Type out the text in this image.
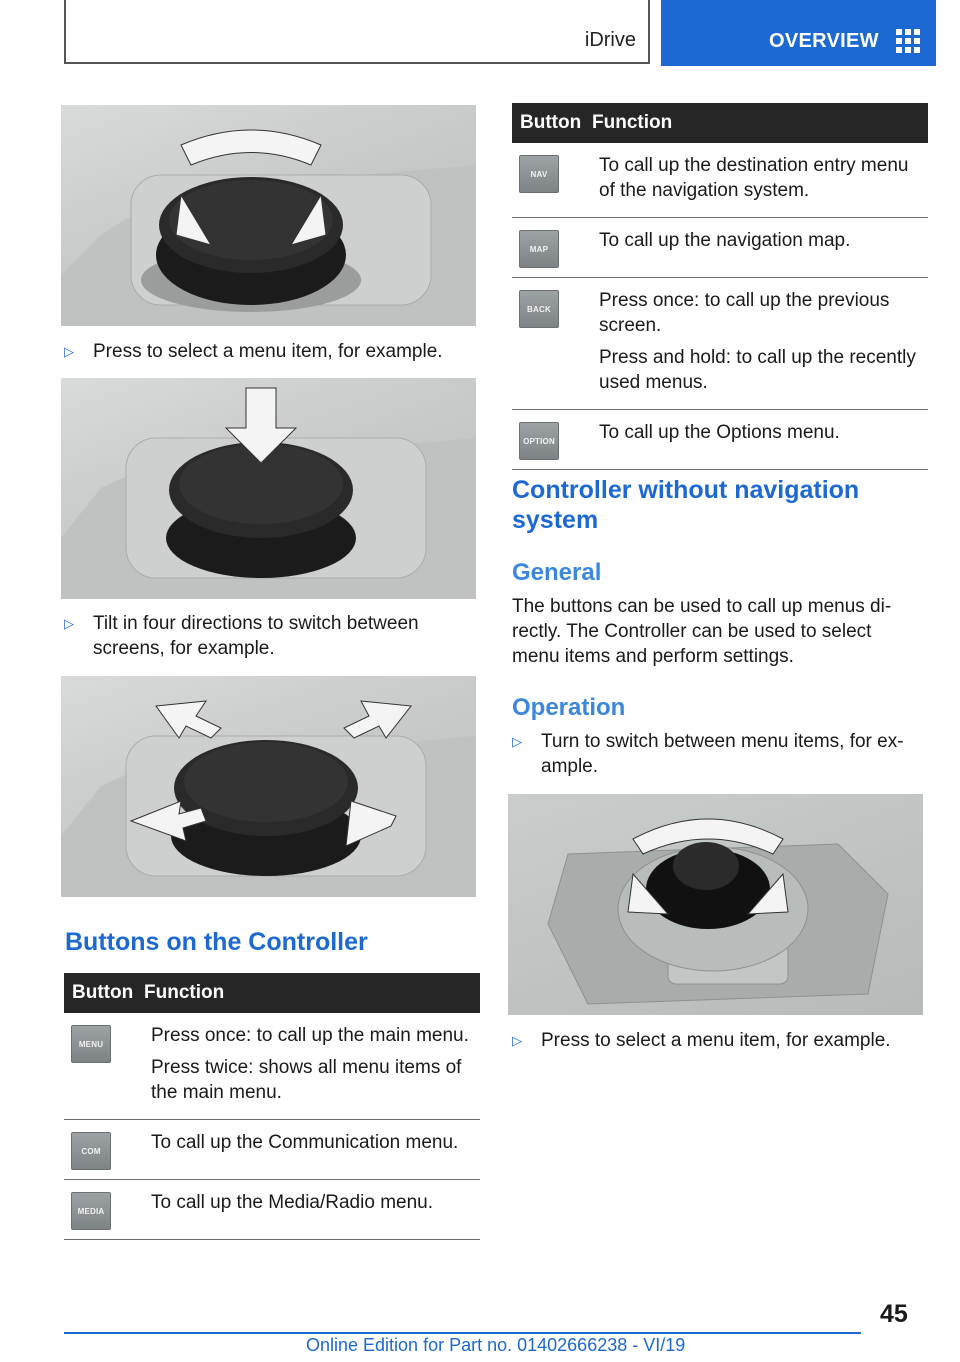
iDrive	OVERVIEW
▷	Press to select a menu item, for example.
▷	Tilt in four directions to switch between screens, for example.
Buttons on the Controller
Button Function
MENU	Press once: to call up the main menu.

Press twice: shows all menu items of the main menu.

COM	To call up the Communication menu.

MEDIA	To call up the Media/Radio menu.

Button Function
NAV	To call up the destination entry menu of the navigation system.

MAP	To call up the navigation map.

BACK	Press once: to call up the previous screen.

Press and hold: to call up the recently used menus.

OPTION To call up the Options menu.

Controller without navigation system
General
The buttons can be used to call up menus di-rectly. The Controller can be used to select menu items and perform settings.
Operation
▷	Turn to switch between menu items, for ex-ample.
▷	Press to select a menu item, for example.
45
Online Edition for Part no. 01402666238 - VI/19
